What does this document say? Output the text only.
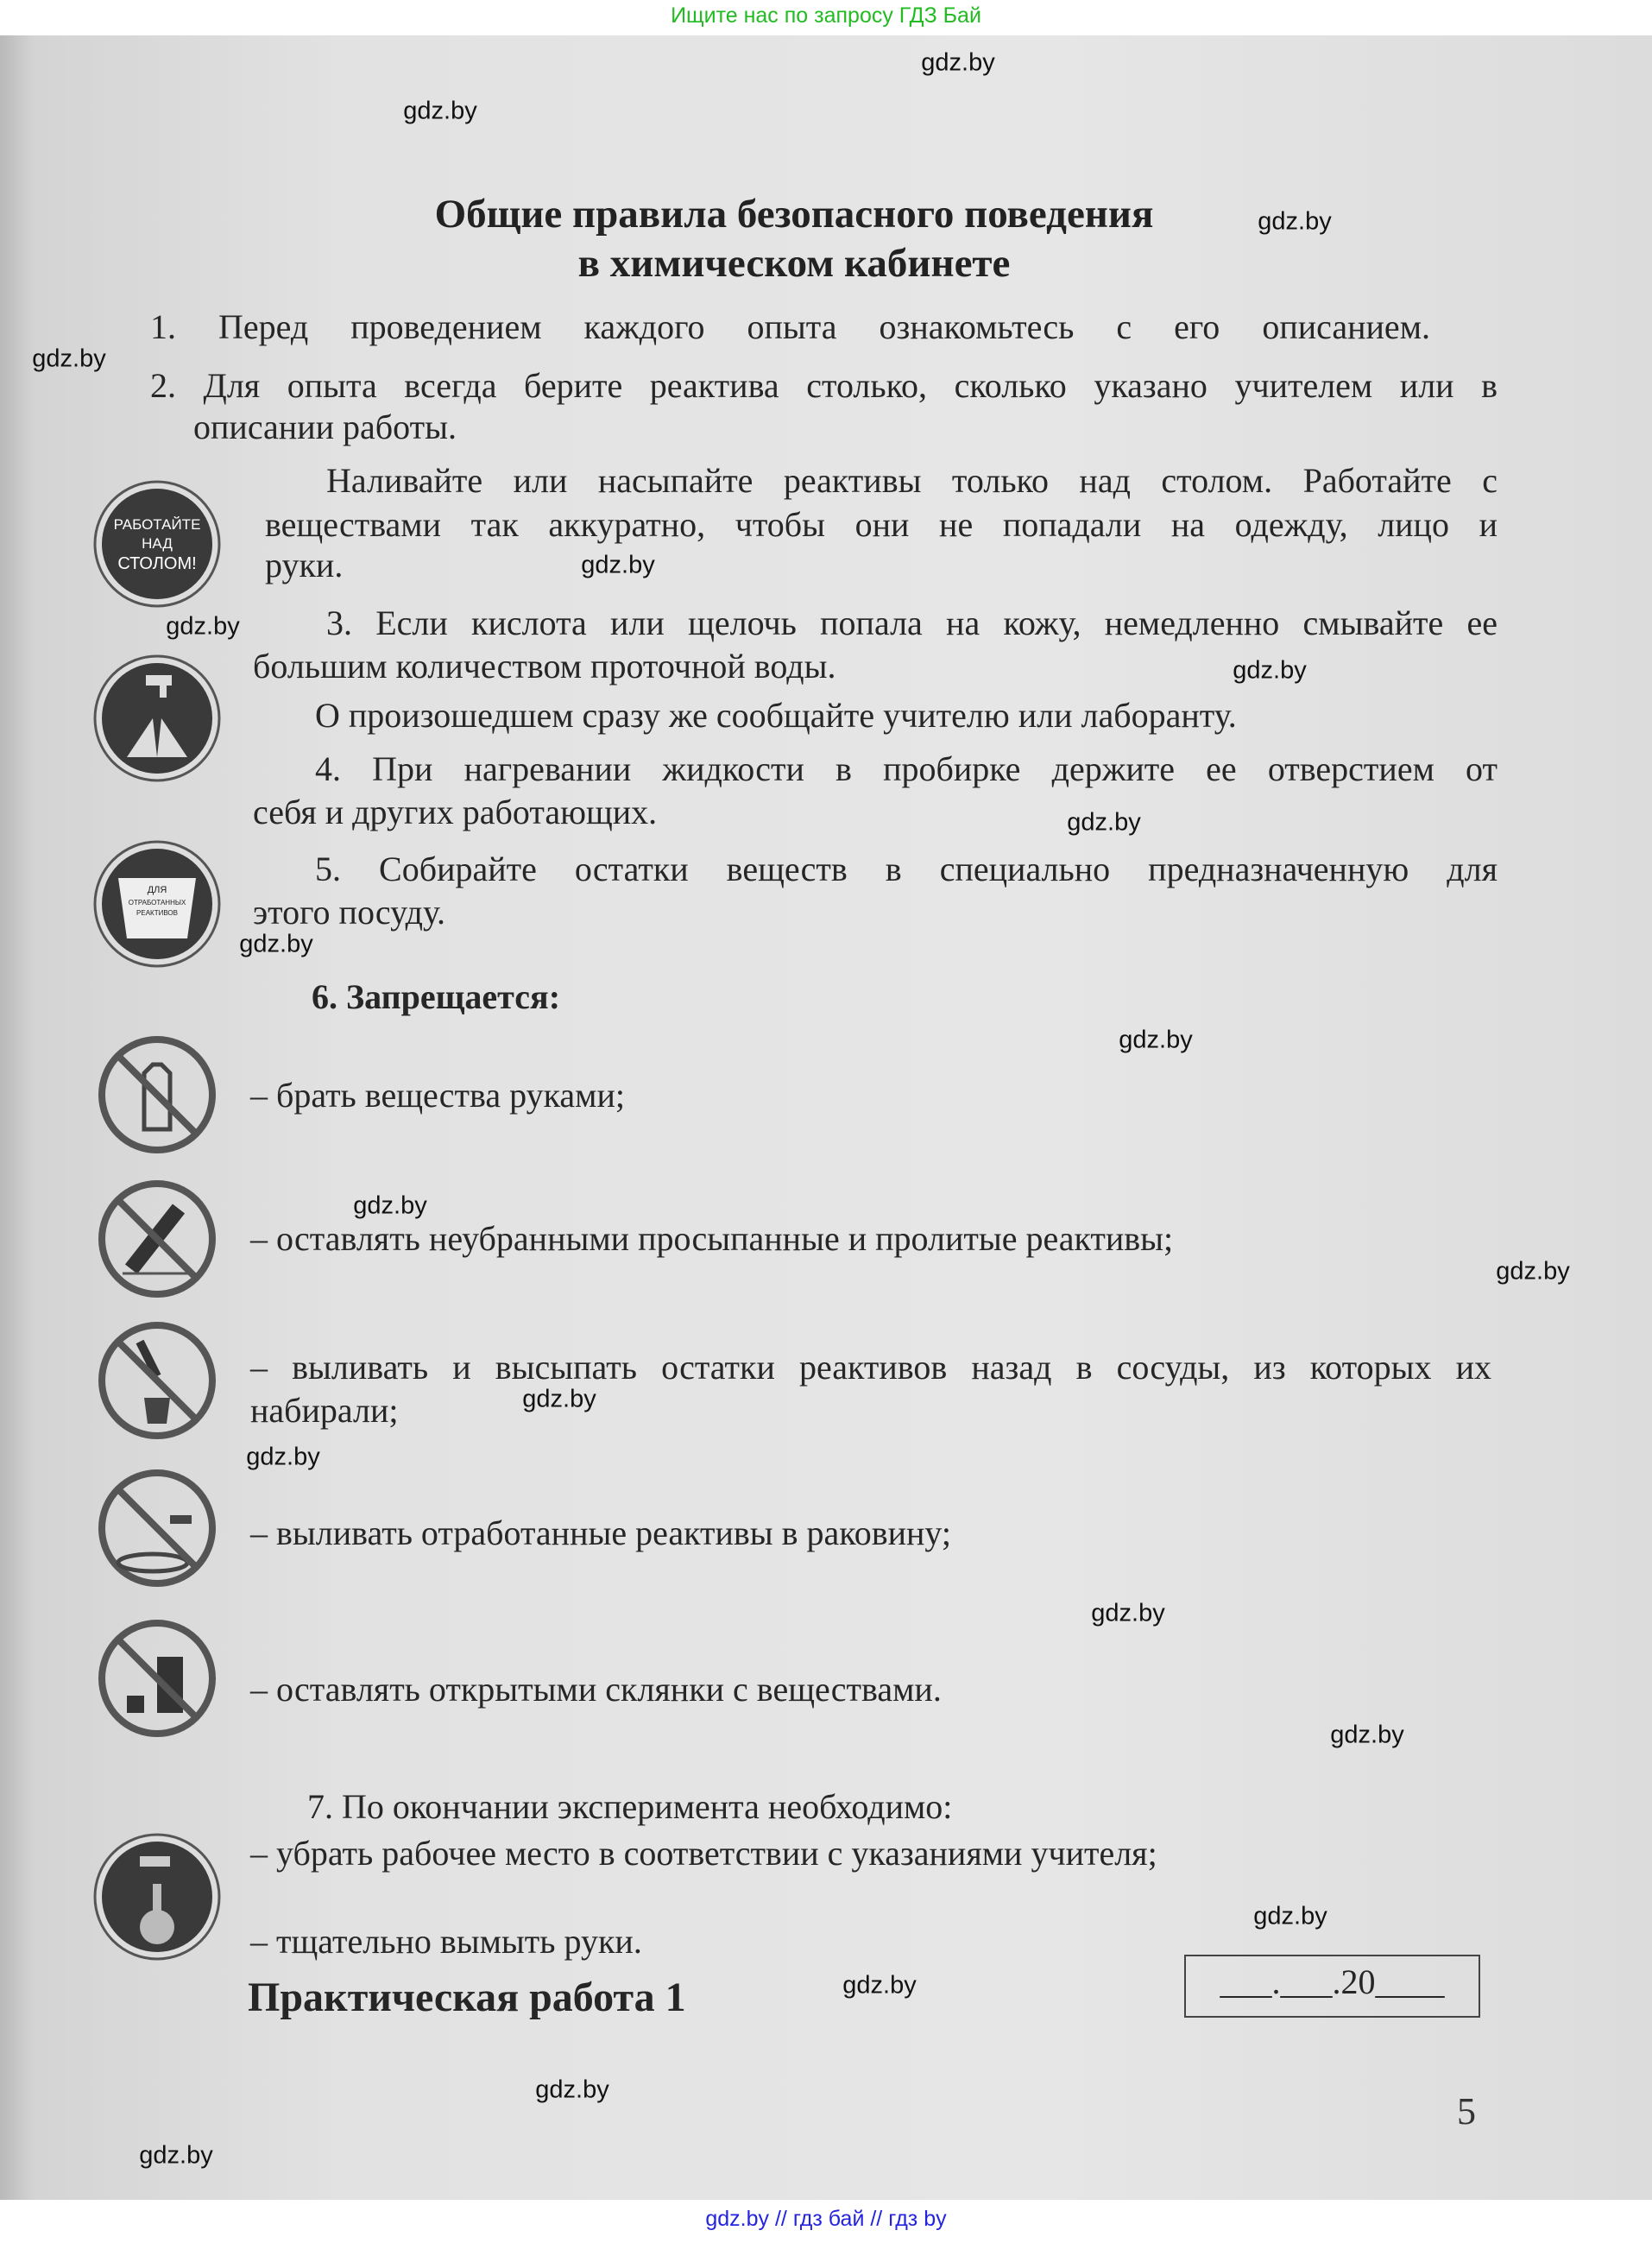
Ищите нас по запросу ГДЗ Бай
Общие правила безопасного поведения
в химическом кабинете
1. Перед проведением каждого опыта ознакомьтесь с его описанием.
2. Для опыта всегда берите реактива столько, сколько указано учителем или в
описании работы.
Наливайте или насыпайте реактивы только над столом. Работайте с
веществами так аккуратно, чтобы они не попадали на одежду, лицо и
руки.
3. Если кислота или щелочь попала на кожу, немедленно смывайте ее
большим количеством проточной воды.
О произошедшем сразу же сообщайте учителю или лаборанту.
4. При нагревании жидкости в пробирке держите ее отверстием от
себя и других работающих.
5. Собирайте остатки веществ в специально предназначенную для
этого посуду.
6. Запрещается:
– брать вещества руками;
– оставлять неубранными просыпанные и пролитые реактивы;
– выливать и высыпать остатки реактивов назад в сосуды, из которых их
набирали;
– выливать отработанные реактивы в раковину;
– оставлять открытыми склянки с веществами.
7. По окончании эксперимента необходимо:
– убрать рабочее место в соответствии с указаниями учителя;
– тщательно вымыть руки.
Практическая работа 1	___.___.20____
5
РАБОТАЙТЕ
НАД
СТОЛОМ!
ДЛЯ
ОТРАБОТАННЫХ
РЕАКТИВОВ
gdz.by
gdz.by
gdz.by
gdz.by
gdz.by
gdz.by
gdz.by
gdz.by
gdz.by
gdz.by
gdz.by
gdz.by
gdz.by
gdz.by
gdz.by
gdz.by
gdz.by
gdz.by
gdz.by
gdz.by
gdz.by // гдз бай // гдз by
